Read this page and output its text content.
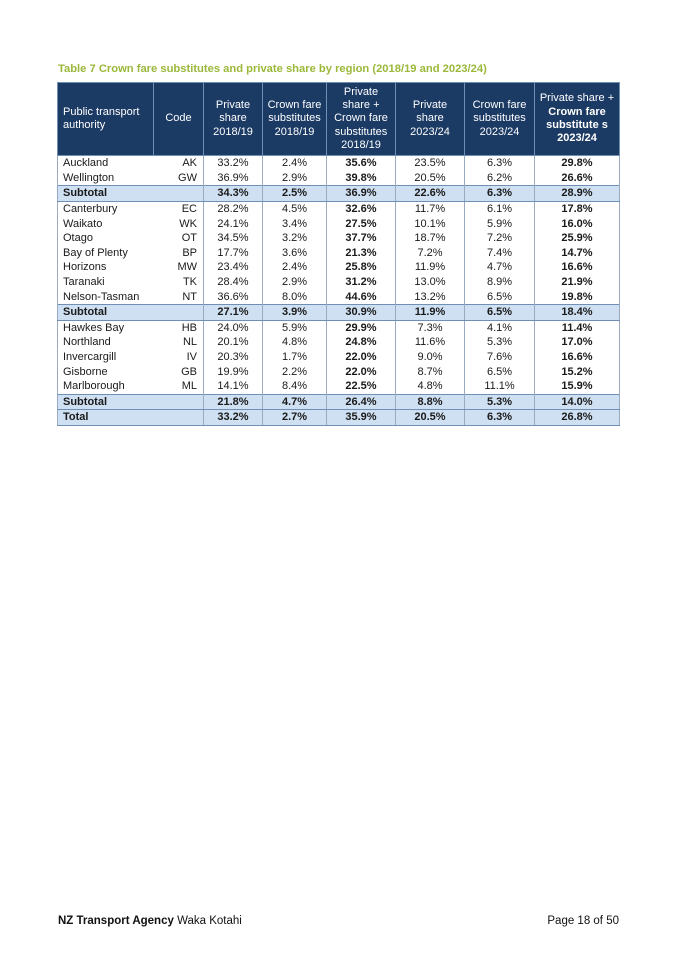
Table 7 Crown fare substitutes and private share by region (2018/19 and 2023/24)
Public transport authority	Code	Private share 2018/19	Crown fare substitutes 2018/19	Private share + Crown fare substitutes 2018/19	Private share 2023/24	Crown fare substitutes 2023/24	Private share +
Crown fare substitute s 2023/24
Auckland	AK	33.2%	2.4%	35.6%	23.5%	6.3%	29.8%
Wellington	GW	36.9%	2.9%	39.8%	20.5%	6.2%	26.6%
Subtotal		34.3%	2.5%	36.9%	22.6%	6.3%	28.9%
Canterbury	EC	28.2%	4.5%	32.6%	11.7%	6.1%	17.8%
Waikato	WK	24.1%	3.4%	27.5%	10.1%	5.9%	16.0%
Otago	OT	34.5%	3.2%	37.7%	18.7%	7.2%	25.9%
Bay of Plenty	BP	17.7%	3.6%	21.3%	7.2%	7.4%	14.7%
Horizons	MW	23.4%	2.4%	25.8%	11.9%	4.7%	16.6%
Taranaki	TK	28.4%	2.9%	31.2%	13.0%	8.9%	21.9%
Nelson-Tasman	NT	36.6%	8.0%	44.6%	13.2%	6.5%	19.8%
Subtotal		27.1%	3.9%	30.9%	11.9%	6.5%	18.4%
Hawkes Bay	HB	24.0%	5.9%	29.9%	7.3%	4.1%	11.4%
Northland	NL	20.1%	4.8%	24.8%	11.6%	5.3%	17.0%
Invercargill	IV	20.3%	1.7%	22.0%	9.0%	7.6%	16.6%
Gisborne	GB	19.9%	2.2%	22.0%	8.7%	6.5%	15.2%
Marlborough	ML	14.1%	8.4%	22.5%	4.8%	11.1%	15.9%
Subtotal		21.8%	4.7%	26.4%	8.8%	5.3%	14.0%
Total		33.2%	2.7%	35.9%	20.5%	6.3%	26.8%
NZ Transport Agency Waka Kotahi	Page 18 of 50
